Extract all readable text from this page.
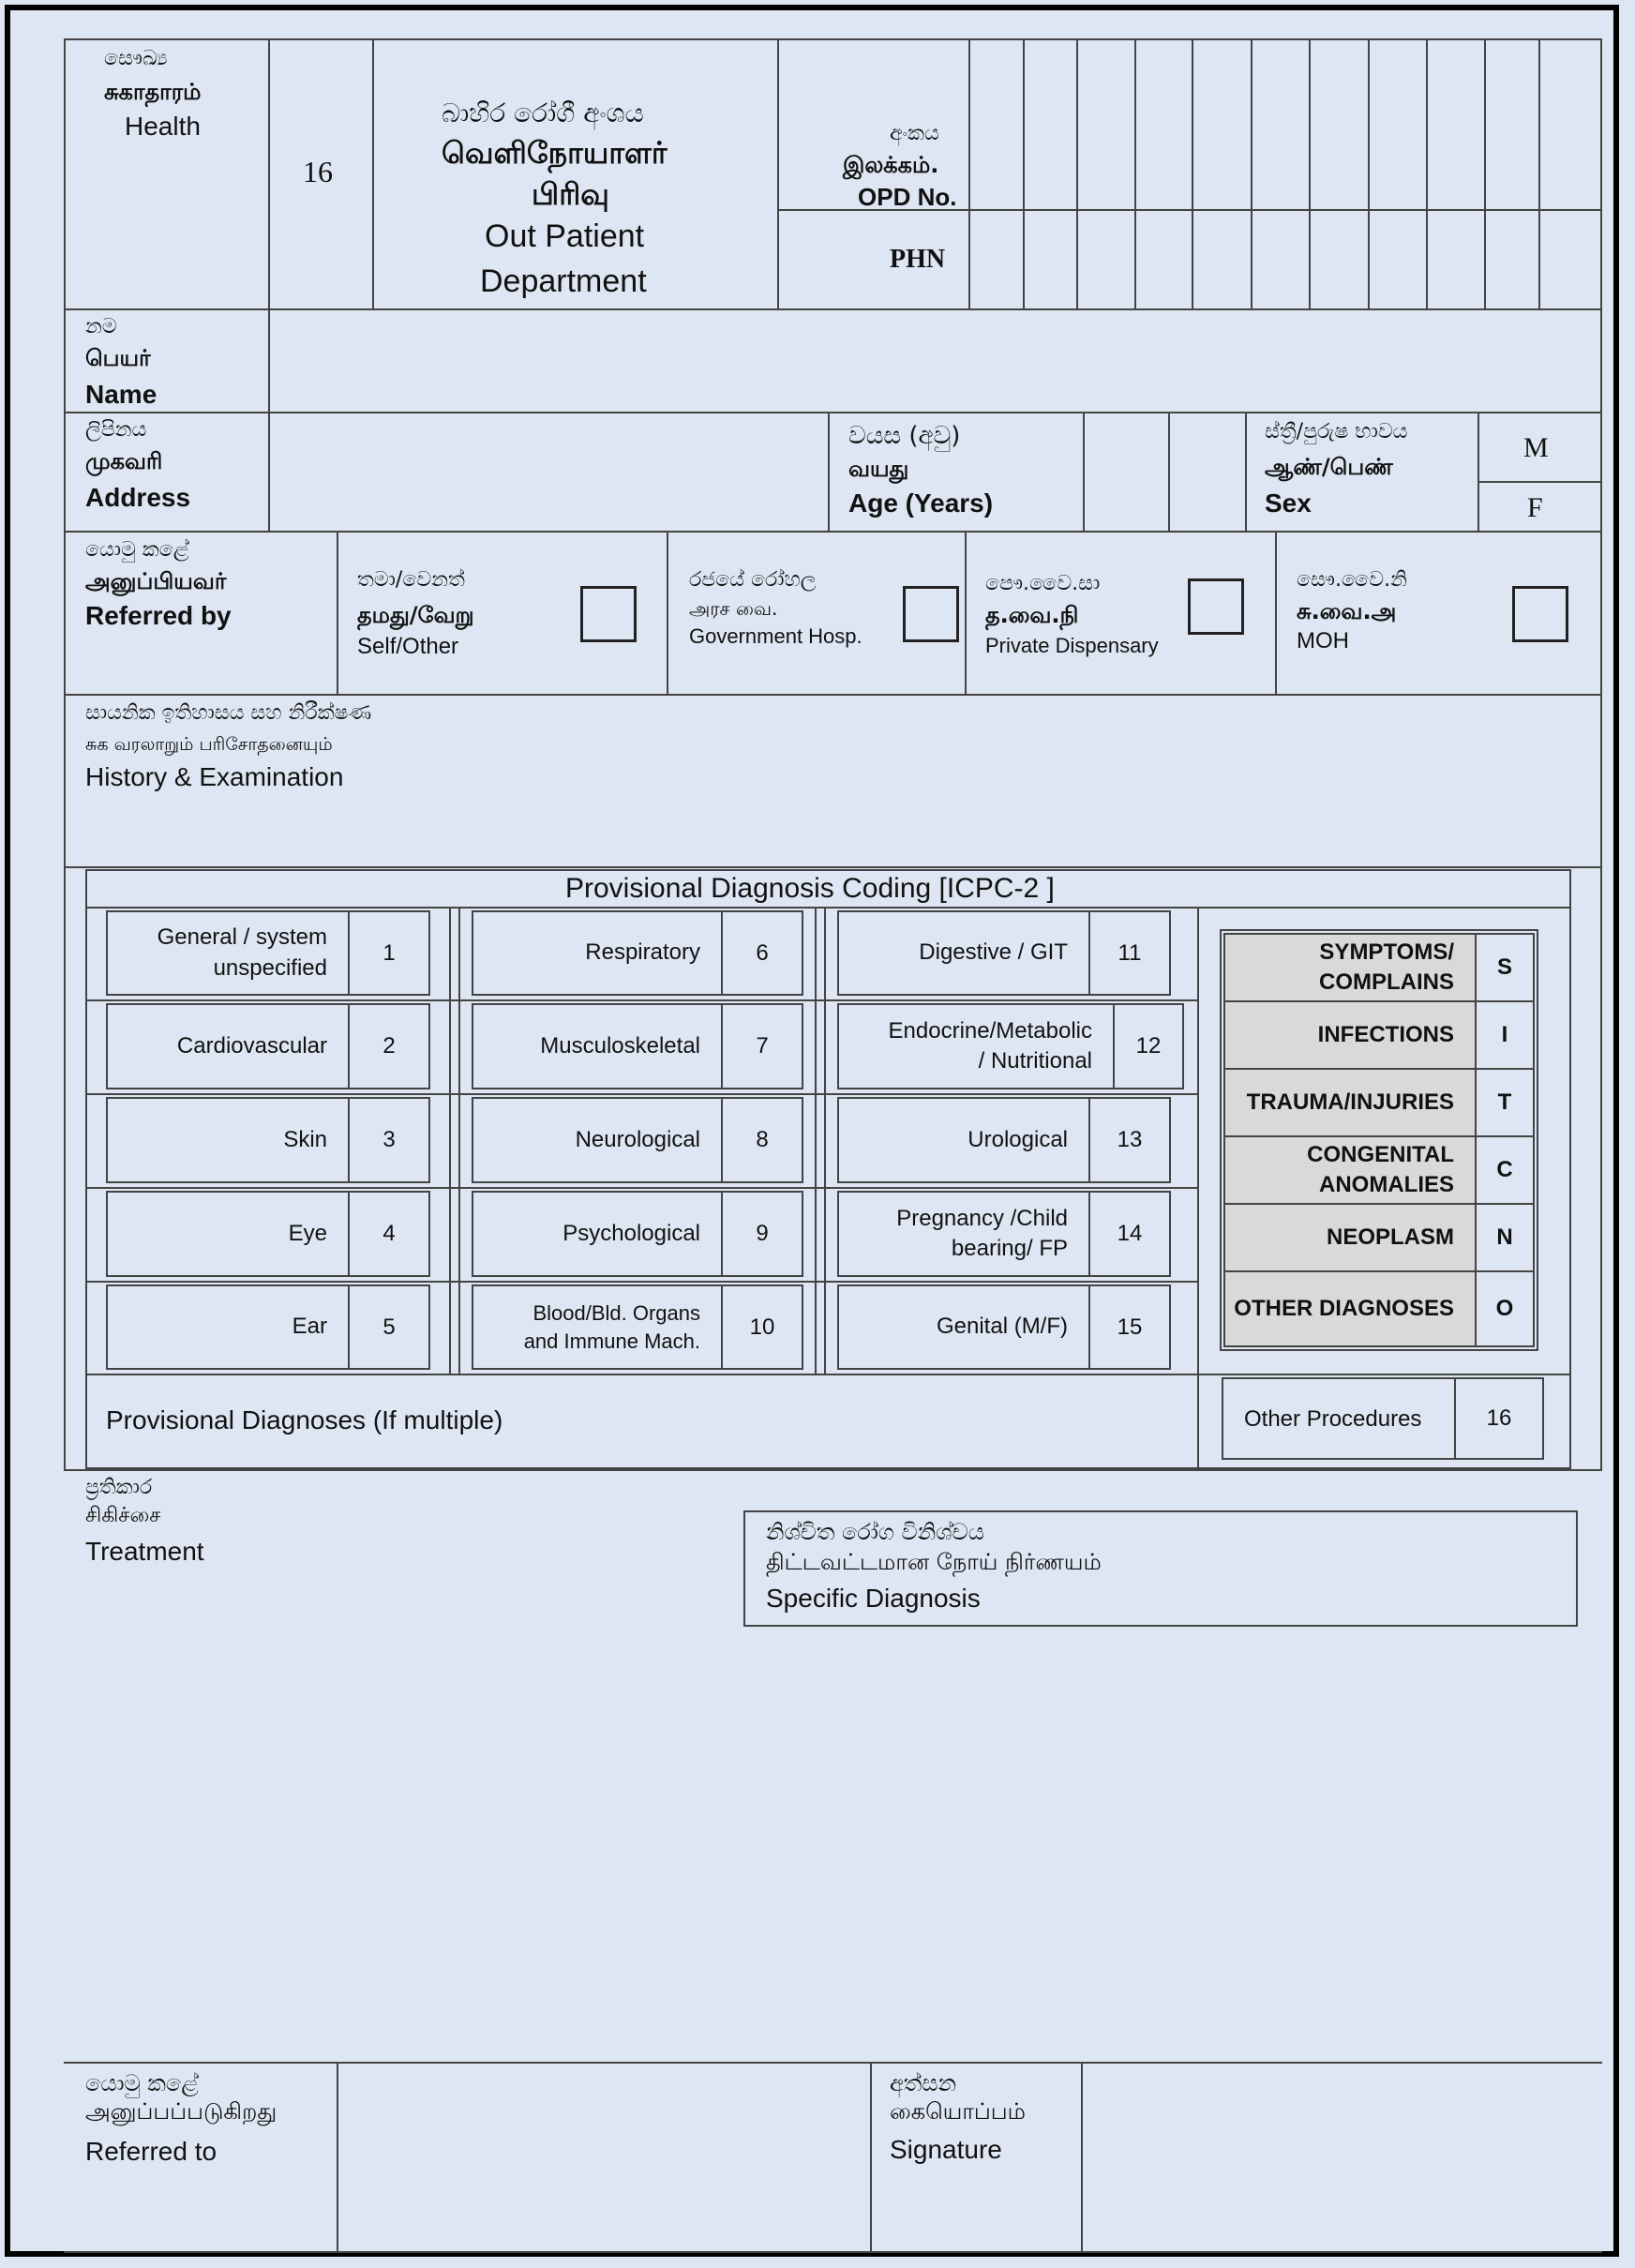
සෞඛ්‍ය
சுகாதாரம்
Health
16
බාහිර රෝගී අංශය
வெளிநோயாளர்
பிரிவு
Out Patient
Department
අංකය
இலக்கம்.
OPD No.
PHN
නම
பெயர்
Name
ලිපිනය
முகவரி
Address
වයස (අවු)
வயது
Age (Years)
ස්ත්‍රී/පුරුෂ භාවය
ஆண்/பெண்
Sex
M
F
යොමු කළේ
அனுப்பியவர்
Referred by
තමා/වෙනත්
தமது/வேறு
Self/Other
රජයේ රෝහල
அரச வை.
Government Hosp.
පෞ.වෛ.සා
த.வை.நி
Private Dispensary
සෞ.වෛ.නි
சு.வை.அ
MOH
සායනික ඉතිහාසය සහ නිරීක්ෂණ
சுக வரலாறும் பரிசோதனையும்
History & Examination
Provisional Diagnosis Coding [ICPC-2 ]
General / system
unspecified
1
Cardiovascular	2
Skin	3
Eye	4
Ear	5
Respiratory	6
Musculoskeletal	7
Neurological	8
Psychological	9
Blood/Bld. Organs
and Immune Mach.
10
Digestive / GIT	11
Endocrine/Metabolic
/ Nutritional
12
Urological	13
Pregnancy /Child
bearing/ FP
14
Genital (M/F)	15
SYMPTOMS/
COMPLAINS
S
INFECTIONS	I
TRAUMA/INJURIES	T
CONGENITAL
ANOMALIES
C
NEOPLASM	N
OTHER DIAGNOSES	O
Provisional Diagnoses (If multiple)	Other Procedures	16
ප්‍රතිකාර
சிகிச்சை
Treatment
නිශ්චිත රෝග විනිශ්චය
திட்டவட்டமான நோய் நிர்ணயம்
Specific Diagnosis
යොමු කළේ
அனுப்பப்படுகிறது
Referred to
අත්සන
கையொப்பம்
Signature
